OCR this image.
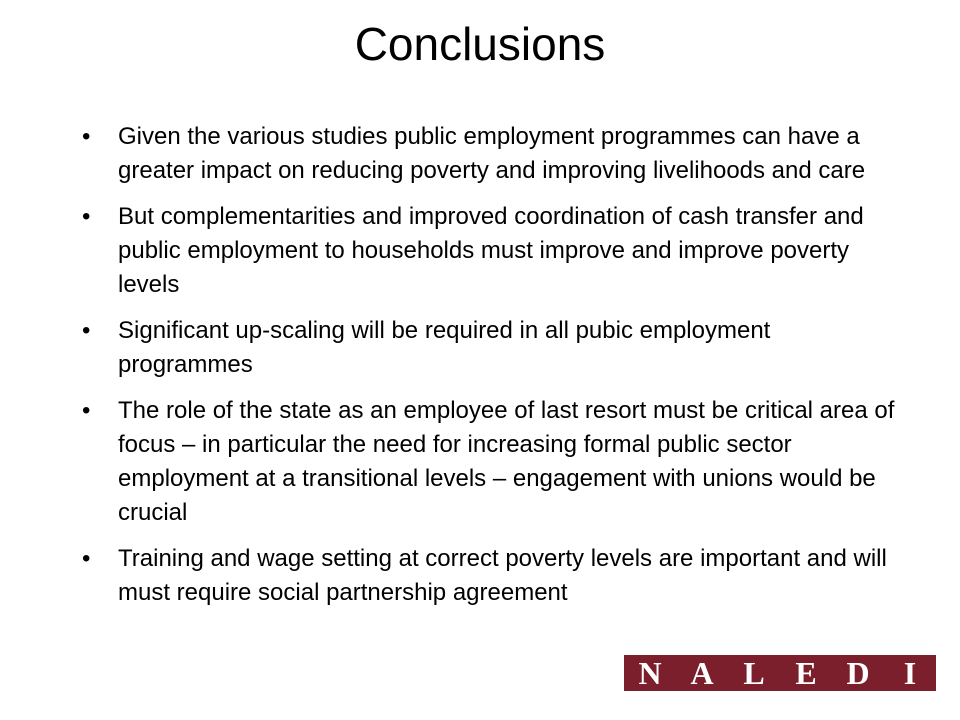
Conclusions
• Given the various studies public employment programmes can have a greater impact on reducing poverty and improving livelihoods and care
• But complementarities and improved coordination of cash transfer and public employment to households must improve and improve poverty levels
• Significant up-scaling will be required in all pubic employment programmes
• The role of the state as an employee of last resort must be critical area of focus – in particular the need for increasing formal public sector employment at a transitional levels – engagement with unions would be crucial
• Training and wage setting at correct poverty levels are important and will must require social partnership agreement
N A L E D	I
